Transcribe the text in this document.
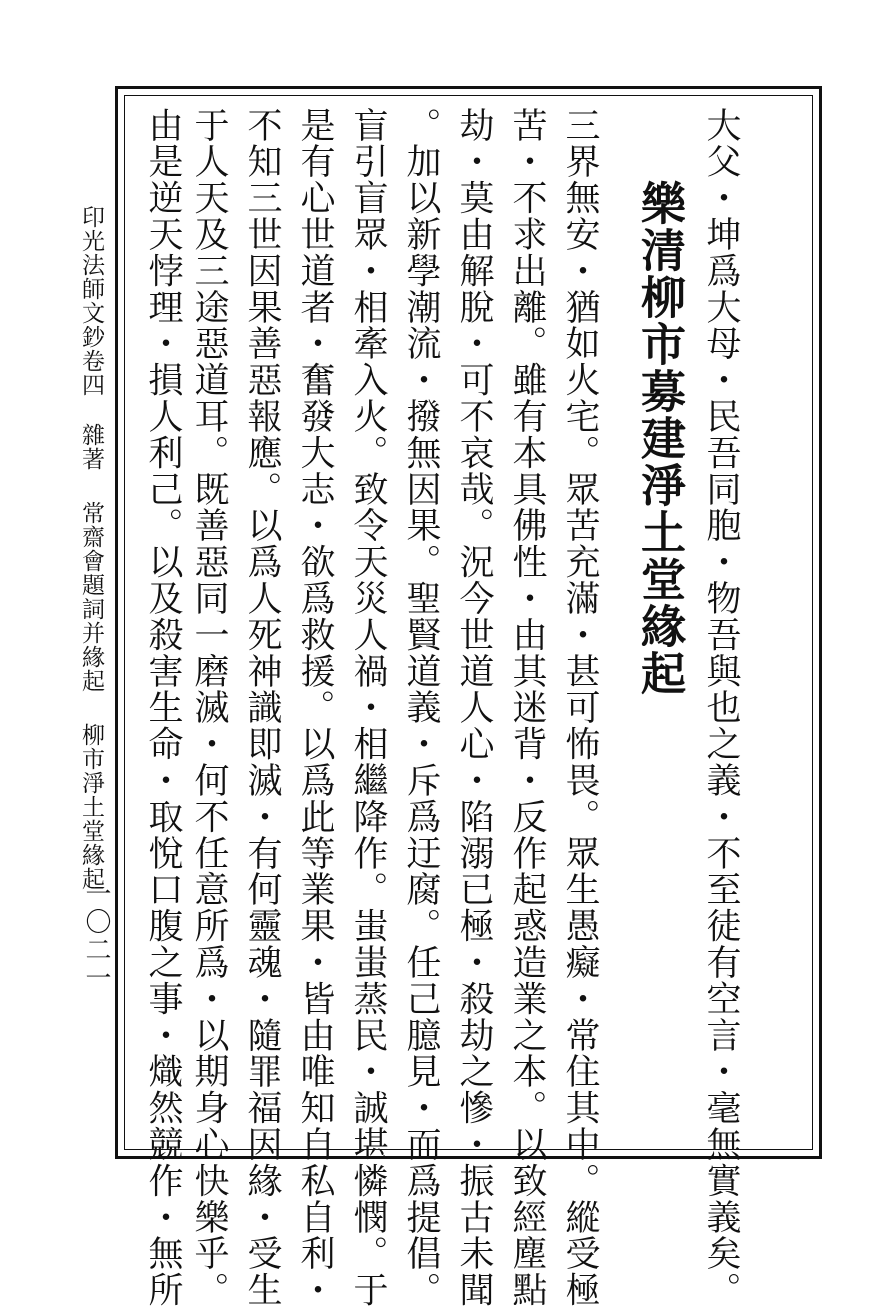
印光法師文鈔卷四雜著常齋會題詞并緣起柳市淨土堂緣起
一〇二一	大父・坤爲大母・民吾同胞・物吾與也之義・不至徒有空言・毫無實義矣。
樂清柳市募建淨土堂緣起
三界無安・猶如火宅。眾苦充滿・甚可怖畏。眾生愚癡・常住其中。縱受極
苦・不求出離。雖有本具佛性・由其迷背・反作起惑造業之本。以致經塵點
劫・莫由解脫・可不哀哉。況今世道人心・陷溺已極・殺劫之慘・振古未聞
。加以新學潮流・撥無因果。聖賢道義・斥爲迂腐。任己臆見・而爲提倡。
盲引盲眾・相牽入火。致令天災人禍・相繼降作。蚩蚩蒸民・誠堪憐憫。于
是有心世道者・奮發大志・欲爲救援。以爲此等業果・皆由唯知自私自利・
不知三世因果善惡報應。以爲人死神識即滅・有何靈魂・隨罪福因緣・受生
于人天及三途惡道耳。既善惡同一磨滅・何不任意所爲・以期身心快樂乎。
由是逆天悖理・損人利己。以及殺害生命・取悅口腹之事・熾然競作・無所
